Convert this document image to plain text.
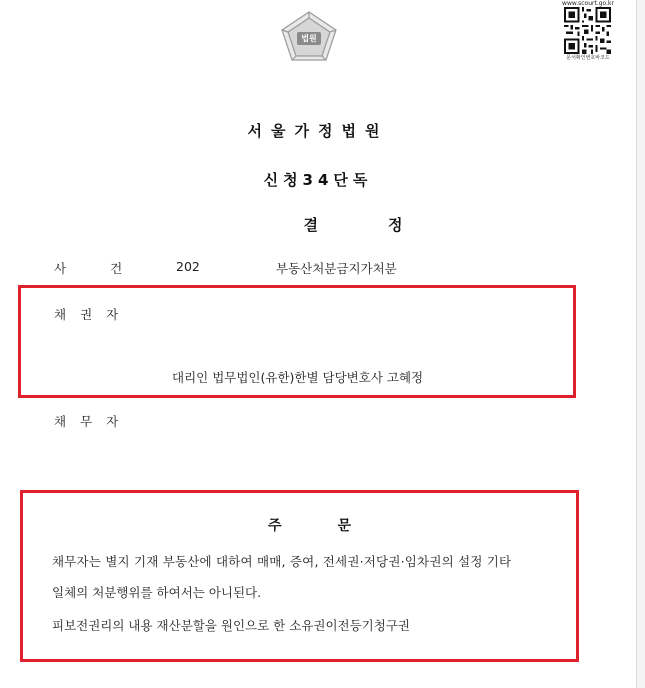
법원
www.scourt.go.kr
문서확인번호바코드
서울가정법원
신청34단독
결정
사건 202	부동산처분금지가처분
채권자
대리인 법무법인(유한)한별 담당변호사 고혜정
채무자
주문
채무자는 별지 기재 부동산에 대하여 매매, 증여, 전세권·저당권·임차권의 설정 기타
일체의 처분행위를 하여서는 아니된다.
피보전권리의 내용 재산분할을 원인으로 한 소유권이전등기청구권
